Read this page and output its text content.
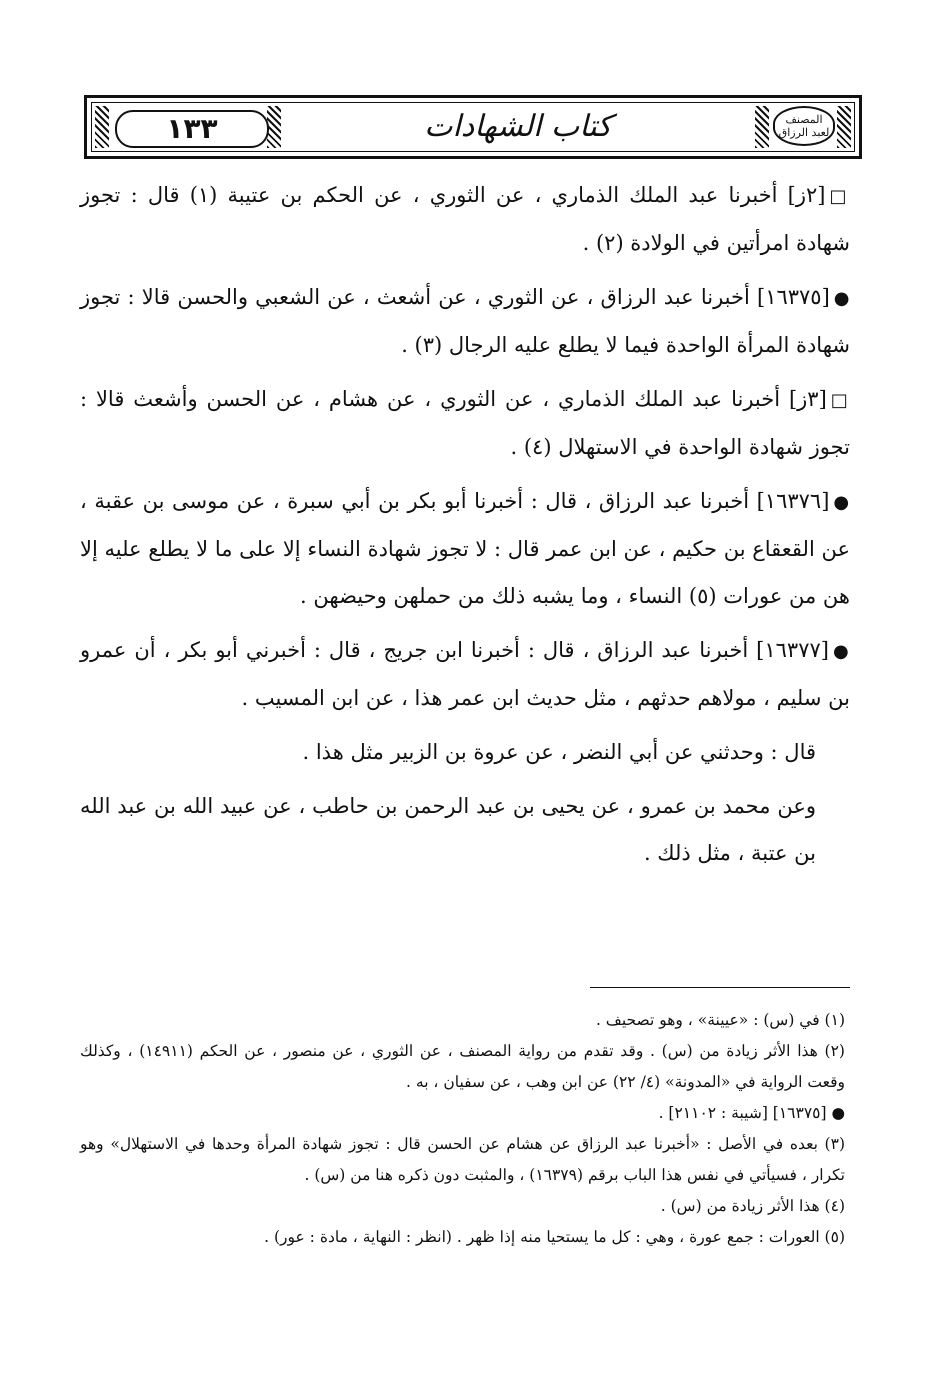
١٣٣	كتاب الشهادات	المصنف لعبد الرزاق

□[٢ز] أخبرنا عبد الملك الذماري ، عن الثوري ، عن الحكم بن عتيبة (١) قال : تجوز شهادة امرأتين في الولادة (٢) .

●[١٦٣٧٥] أخبرنا عبد الرزاق ، عن الثوري ، عن أشعث ، عن الشعبي والحسن قالا : تجوز شهادة المرأة الواحدة فيما لا يطلع عليه الرجال (٣) .

□[٣ز] أخبرنا عبد الملك الذماري ، عن الثوري ، عن هشام ، عن الحسن وأشعث قالا : تجوز شهادة الواحدة في الاستهلال (٤) .

●[١٦٣٧٦] أخبرنا عبد الرزاق ، قال : أخبرنا أبو بكر بن أبي سبرة ، عن موسى بن عقبة ، عن القعقاع بن حكيم ، عن ابن عمر قال : لا تجوز شهادة النساء إلا على ما لا يطلع عليه إلا هن من عورات (٥) النساء ، وما يشبه ذلك من حملهن وحيضهن .

●[١٦٣٧٧] أخبرنا عبد الرزاق ، قال : أخبرنا ابن جريج ، قال : أخبرني أبو بكر ، أن عمرو بن سليم ، مولاهم حدثهم ، مثل حديث ابن عمر هذا ، عن ابن المسيب .

قال : وحدثني عن أبي النضر ، عن عروة بن الزبير مثل هذا .

وعن محمد بن عمرو ، عن يحيى بن عبد الرحمن بن حاطب ، عن عبيد الله بن عبد الله بن عتبة ، مثل ذلك .

(١) في (س) : «عيينة» ، وهو تصحيف .

(٢) هذا الأثر زيادة من (س) . وقد تقدم من رواية المصنف ، عن الثوري ، عن منصور ، عن الحكم (١٤٩١١) ، وكذلك وقعت الرواية في «المدونة» (٤/ ٢٢) عن ابن وهب ، عن سفيان ، به .

● [١٦٣٧٥] [شيبة : ٢١١٠٢] .

(٣) بعده في الأصل : «أخبرنا عبد الرزاق عن هشام عن الحسن قال : تجوز شهادة المرأة وحدها في الاستهلال» وهو تكرار ، فسيأتي في نفس هذا الباب برقم (١٦٣٧٩) ، والمثبت دون ذكره هنا من (س) .

(٤) هذا الأثر زيادة من (س) .

(٥) العورات : جمع عورة ، وهي : كل ما يستحيا منه إذا ظهر . (انظر : النهاية ، مادة : عور) .
